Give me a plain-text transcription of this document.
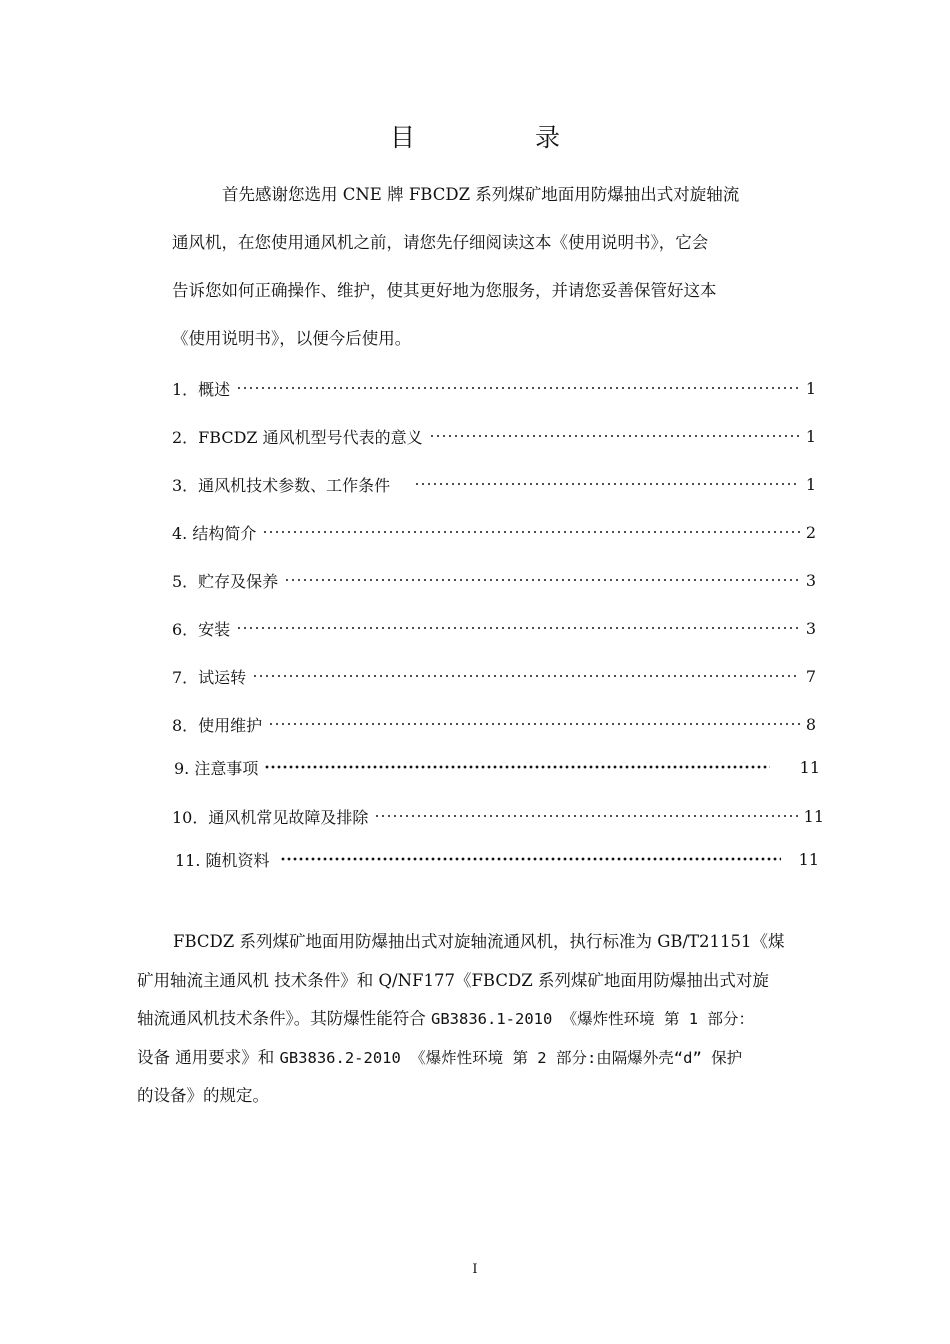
目 录

首先感谢您选用 CNE 牌 FBCDZ 系列煤矿地面用防爆抽出式对旋轴流

通风机，在您使用通风机之前，请您先仔细阅读这本《使用说明书》，它会

告诉您如何正确操作、维护，使其更好地为您服务，并请您妥善保管好这本

《使用说明书》，以便今后使用。

1．概述	1
2．FBCDZ 通风机型号代表的意义	1
3．通风机技术参数、工作条件	1
4. 结构简介	2
5．贮存及保养	3
6．安装	3
7．试运转	7
8．使用维护	8
9. 注意事项	11
10．通风机常见故障及排除	11
11. 随机资料	11

FBCDZ 系列煤矿地面用防爆抽出式对旋轴流通风机，执行标准为 GB/T21151《煤

矿用轴流主通风机 技术条件》和 Q/NF177《FBCDZ 系列煤矿地面用防爆抽出式对旋

轴流通风机技术条件》。其防爆性能符合 GB3836.1-2010 《爆炸性环境 第 1 部分：

设备 通用要求》和 GB3836.2-2010 《爆炸性环境 第 2 部分:由隔爆外壳“d” 保护

的设备》的规定。

I
